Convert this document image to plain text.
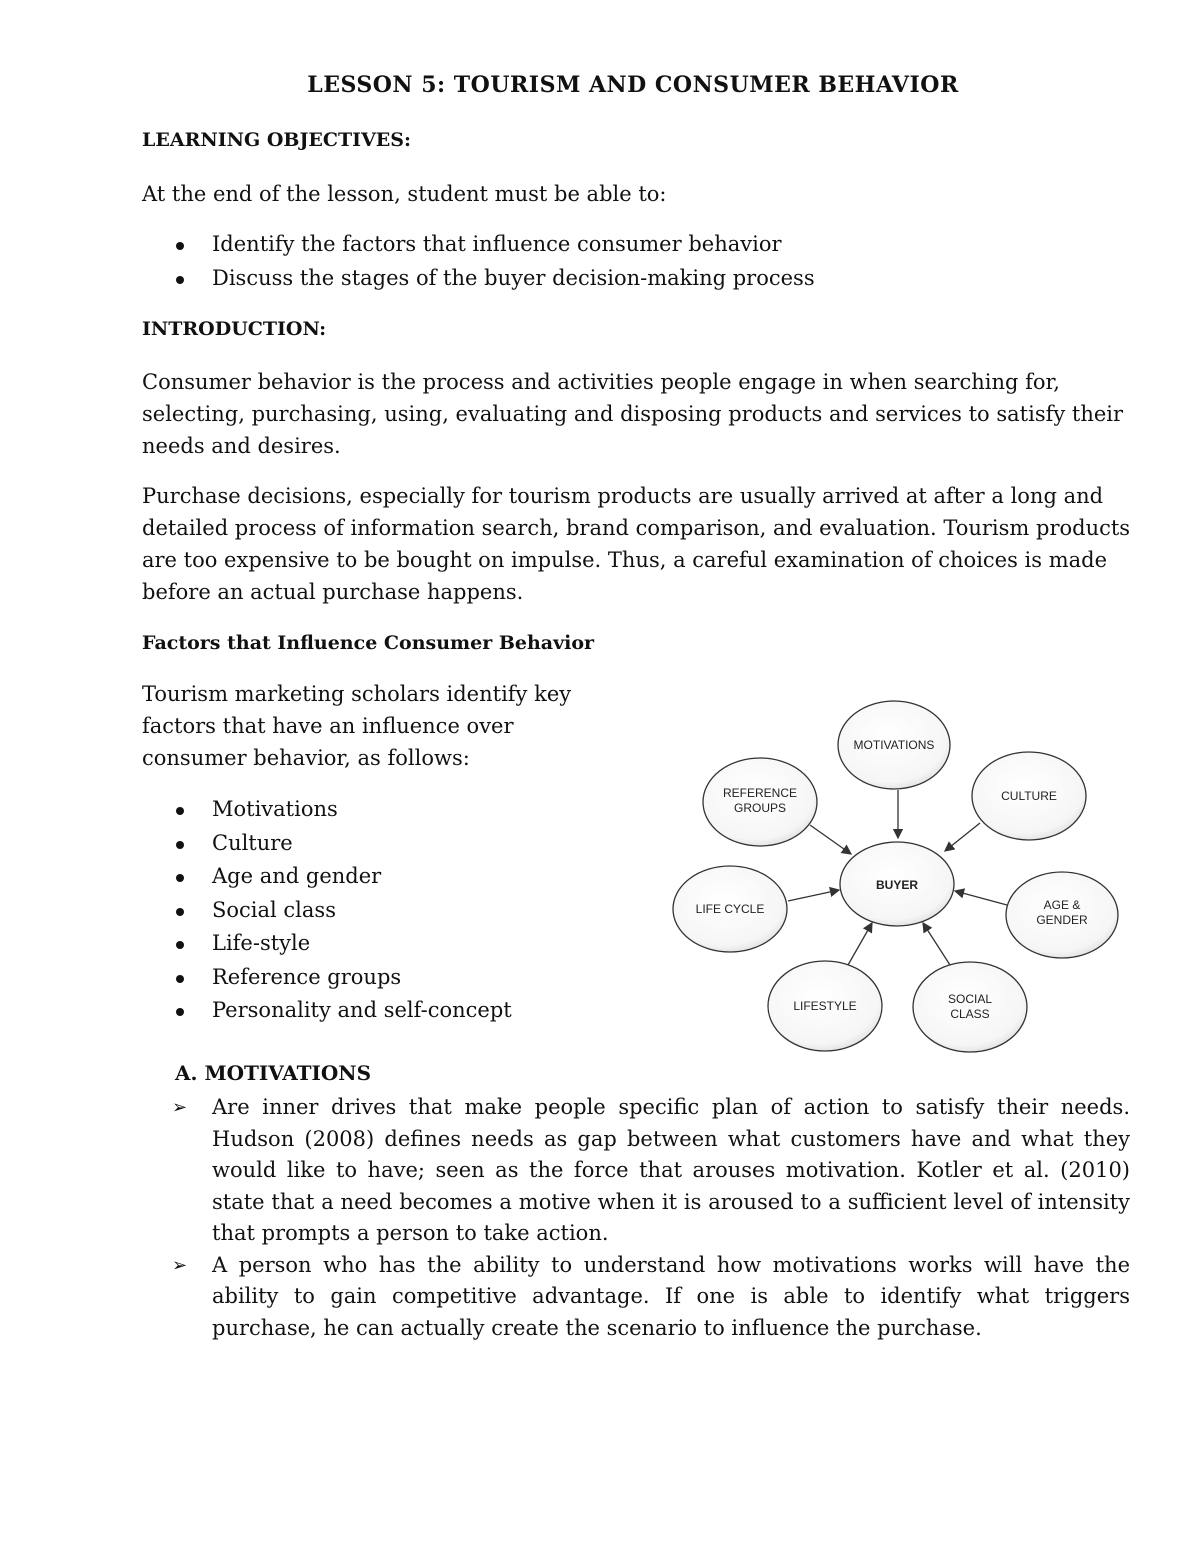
LESSON 5: TOURISM AND CONSUMER BEHAVIOR
LEARNING OBJECTIVES:
At the end of the lesson, student must be able to:
Identify the factors that influence consumer behavior
Discuss the stages of the buyer decision-making process
INTRODUCTION:

Consumer behavior is the process and activities people engage in when searching for, selecting, purchasing, using, evaluating and disposing products and services to satisfy their needs and desires.

Purchase decisions, especially for tourism products are usually arrived at after a long and detailed process of information search, brand comparison, and evaluation. Tourism products are too expensive to be bought on impulse. Thus, a careful examination of choices is made before an actual purchase happens.

Factors that Influence Consumer Behavior
Tourism marketing scholars identify key factors that have an influence over consumer behavior, as follows:
Motivations
Culture
Age and gender
Social class
Life-style
Reference groups
Personality and self-concept
BUYER
MOTIVATIONS
CULTURE
AGE &
GENDER
SOCIAL
CLASS
LIFESTYLE
LIFE CYCLE
REFERENCE
GROUPS
A. MOTIVATIONS
➢ Are inner drives that make people specific plan of action to satisfy their needs. Hudson (2008) defines needs as gap between what customers have and what they would like to have; seen as the force that arouses motivation. Kotler et al. (2010) state that a need becomes a motive when it is aroused to a sufficient level of intensity that prompts a person to take action.
➢ A person who has the ability to understand how motivations works will have the ability to gain competitive advantage. If one is able to identify what triggers purchase, he can actually create the scenario to influence the purchase.
